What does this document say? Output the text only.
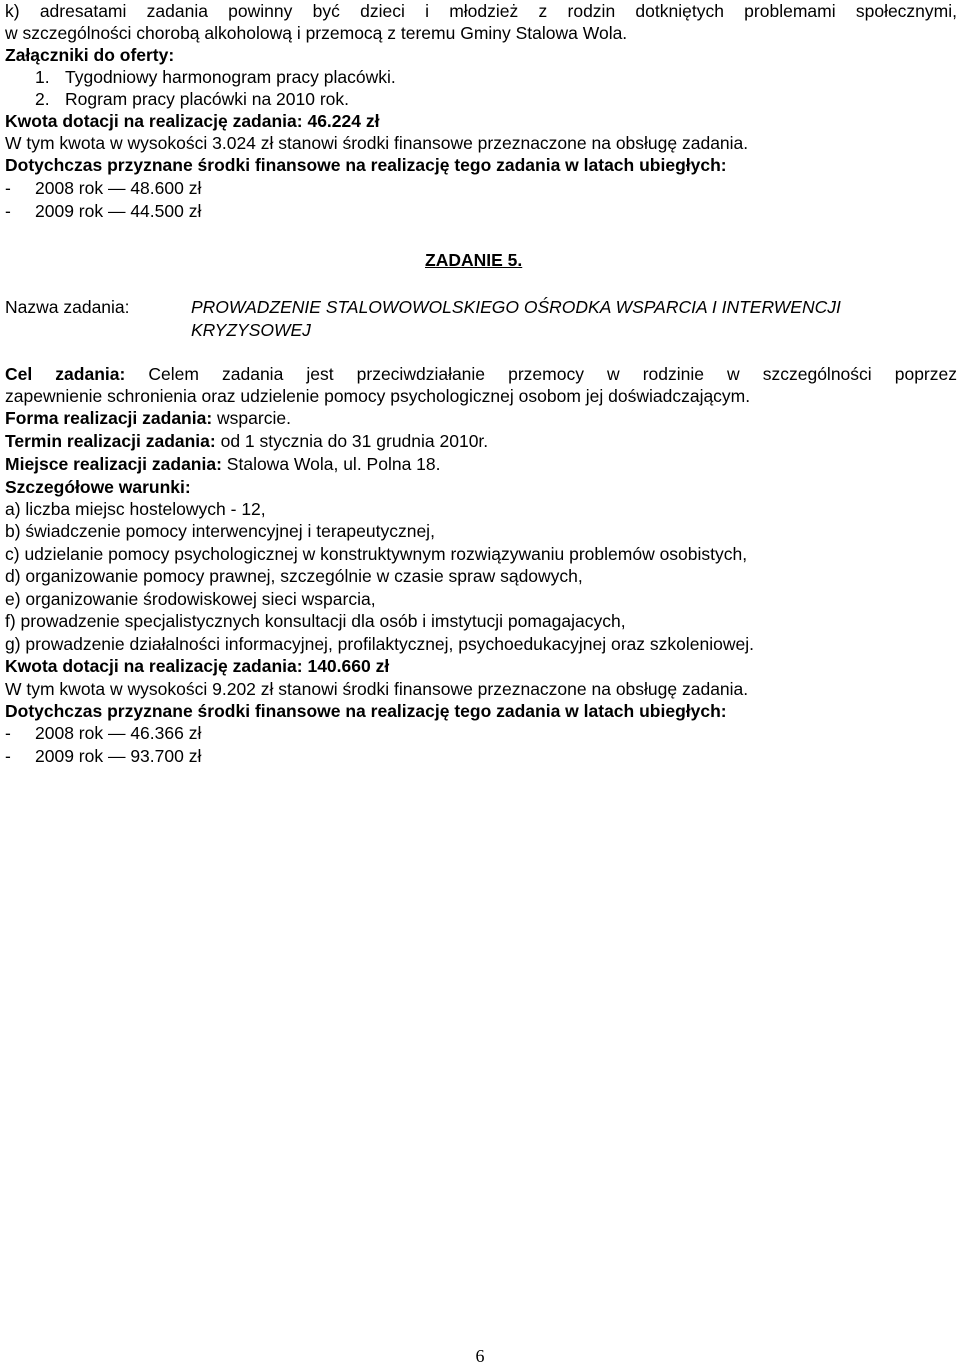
k) adresatami zadania powinny być dzieci i młodzież z rodzin dotkniętych problemami społecznymi,
w szczególności chorobą alkoholową i przemocą z teremu Gminy Stalowa Wola.
Załączniki do oferty:
1. Tygodniowy harmonogram pracy placówki.
2. Rogram pracy placówki na 2010 rok.
Kwota dotacji na realizację zadania: 46.224 zł
W tym kwota w wysokości 3.024 zł stanowi środki finansowe przeznaczone na obsługę zadania.
Dotychczas przyznane środki finansowe na realizację tego zadania w latach ubiegłych:
- 2008 rok — 48.600 zł
- 2009 rok — 44.500 zł
ZADANIE 5.
Nazwa zadania:	PROWADZENIE STALOWOWOLSKIEGO OŚRODKA WSPARCIA I INTERWENCJI KRYZYSOWEJ
Cel zadania: Celem zadania jest przeciwdziałanie przemocy w rodzinie w szczególności poprzez
zapewnienie schronienia oraz udzielenie pomocy psychologicznej osobom jej doświadczającym.
Forma realizacji zadania: wsparcie.
Termin realizacji zadania: od 1 stycznia do 31 grudnia 2010r.
Miejsce realizacji zadania: Stalowa Wola, ul. Polna 18.
Szczegółowe warunki:
a) liczba miejsc hostelowych - 12,
b) świadczenie pomocy interwencyjnej i terapeutycznej,
c) udzielanie pomocy psychologicznej w konstruktywnym rozwiązywaniu problemów osobistych,
d) organizowanie pomocy prawnej, szczególnie w czasie spraw sądowych,
e) organizowanie środowiskowej sieci wsparcia,
f) prowadzenie specjalistycznych konsultacji dla osób i imstytucji pomagajacych,
g) prowadzenie działalności informacyjnej, profilaktycznej, psychoedukacyjnej oraz szkoleniowej.
Kwota dotacji na realizację zadania: 140.660 zł
W tym kwota w wysokości 9.202 zł stanowi środki finansowe przeznaczone na obsługę zadania.
Dotychczas przyznane środki finansowe na realizację tego zadania w latach ubiegłych:
- 2008 rok — 46.366 zł
- 2009 rok — 93.700 zł
6
